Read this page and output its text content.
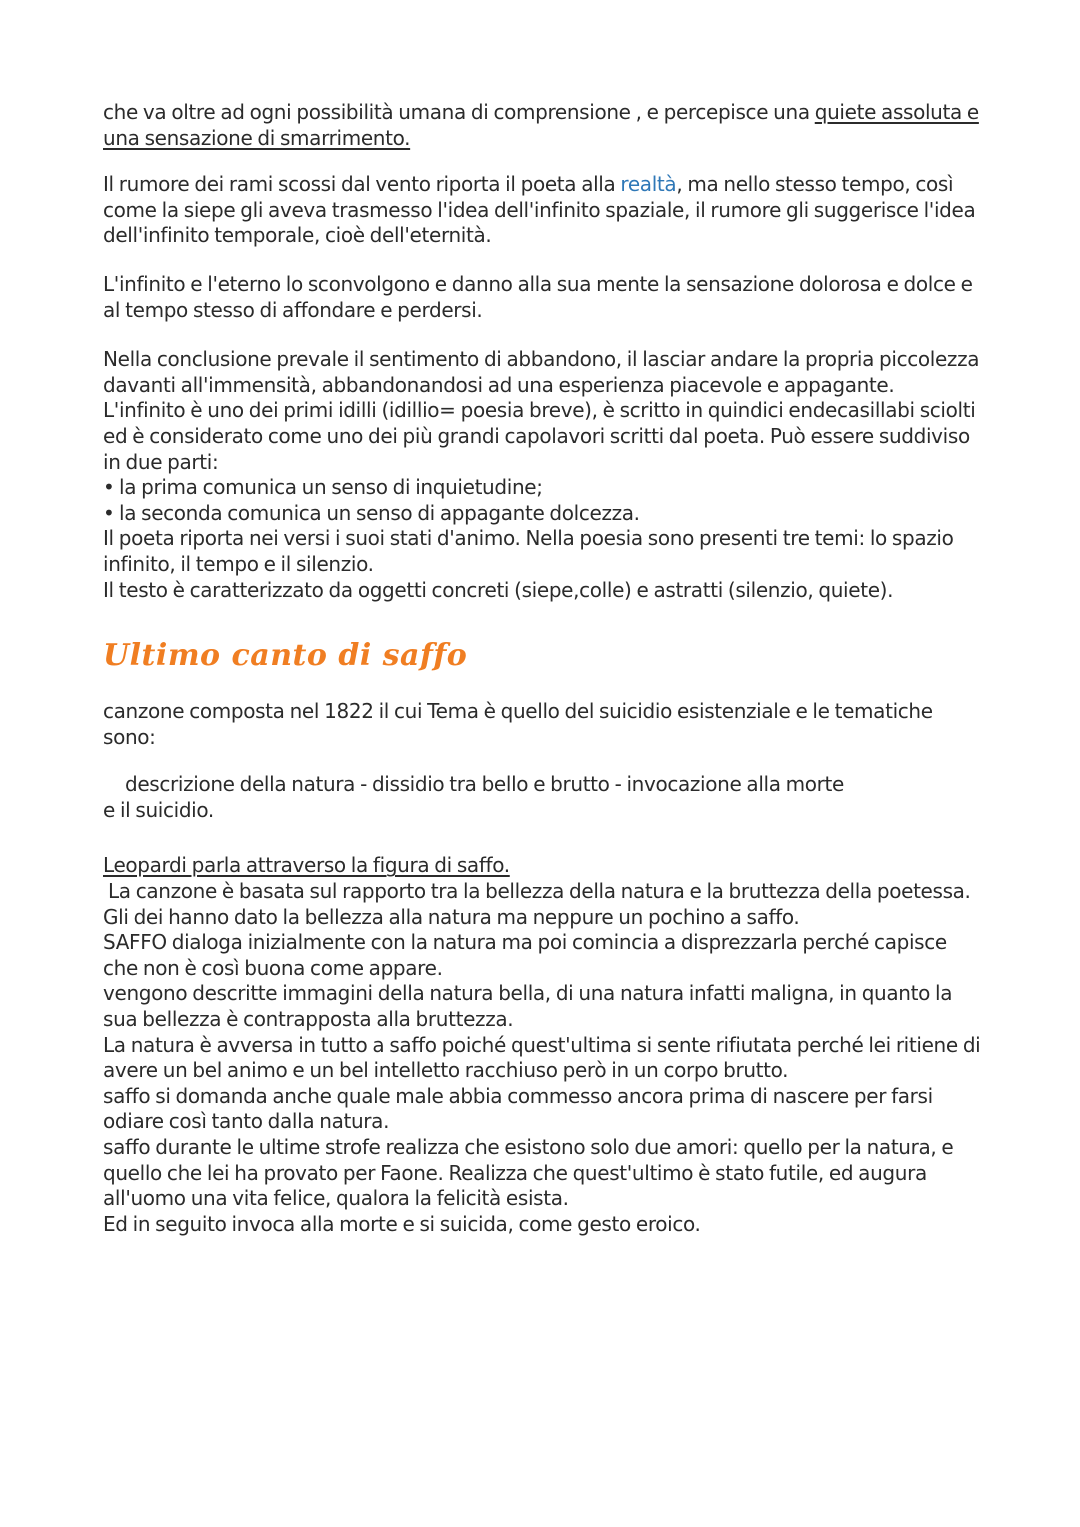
che va oltre ad ogni possibilità umana di comprensione , e percepisce una quiete assoluta e una sensazione di smarrimento.

Il rumore dei rami scossi dal vento riporta il poeta alla realtà, ma nello stesso tempo, così come la siepe gli aveva trasmesso l'idea dell'infinito spaziale, il rumore gli suggerisce l'idea dell'infinito temporale, cioè dell'eternità.

L'infinito e l'eterno lo sconvolgono e danno alla sua mente la sensazione dolorosa e dolce e al tempo stesso di affondare e perdersi.

Nella conclusione prevale il sentimento di abbandono, il lasciar andare la propria piccolezza davanti all'immensità, abbandonandosi ad una esperienza piacevole e appagante.

L'infinito è uno dei primi idilli (idillio= poesia breve), è scritto in quindici endecasillabi sciolti ed è considerato come uno dei più grandi capolavori scritti dal poeta. Può essere suddiviso in due parti:

• la prima comunica un senso di inquietudine;

• la seconda comunica un senso di appagante dolcezza.

Il poeta riporta nei versi i suoi stati d'animo. Nella poesia sono presenti tre temi: lo spazio infinito, il tempo e il silenzio.

Il testo è caratterizzato da oggetti concreti (siepe,colle) e astratti (silenzio, quiete).

Ultimo canto di saffo

canzone composta nel 1822 il cui Tema è quello del suicidio esistenziale e le tematiche sono:

descrizione della natura - dissidio tra bello e brutto - invocazione alla morte
e il suicidio.

Leopardi parla attraverso la figura di saffo.

La canzone è basata sul rapporto tra la bellezza della natura e la bruttezza della poetessa.

Gli dei hanno dato la bellezza alla natura ma neppure un pochino a saffo.

SAFFO dialoga inizialmente con la natura ma poi comincia a disprezzarla perché capisce che non è così buona come appare.

vengono descritte immagini della natura bella, di una natura infatti maligna, in quanto la sua bellezza è contrapposta alla bruttezza.

La natura è avversa in tutto a saffo poiché quest'ultima si sente rifiutata perché lei ritiene di avere un bel animo e un bel intelletto racchiuso però in un corpo brutto.

saffo si domanda anche quale male abbia commesso ancora prima di nascere per farsi odiare così tanto dalla natura.

saffo durante le ultime strofe realizza che esistono solo due amori: quello per la natura, e quello che lei ha provato per Faone. Realizza che quest'ultimo è stato futile, ed augura all'uomo una vita felice, qualora la felicità esista.

Ed in seguito invoca alla morte e si suicida, come gesto eroico.
